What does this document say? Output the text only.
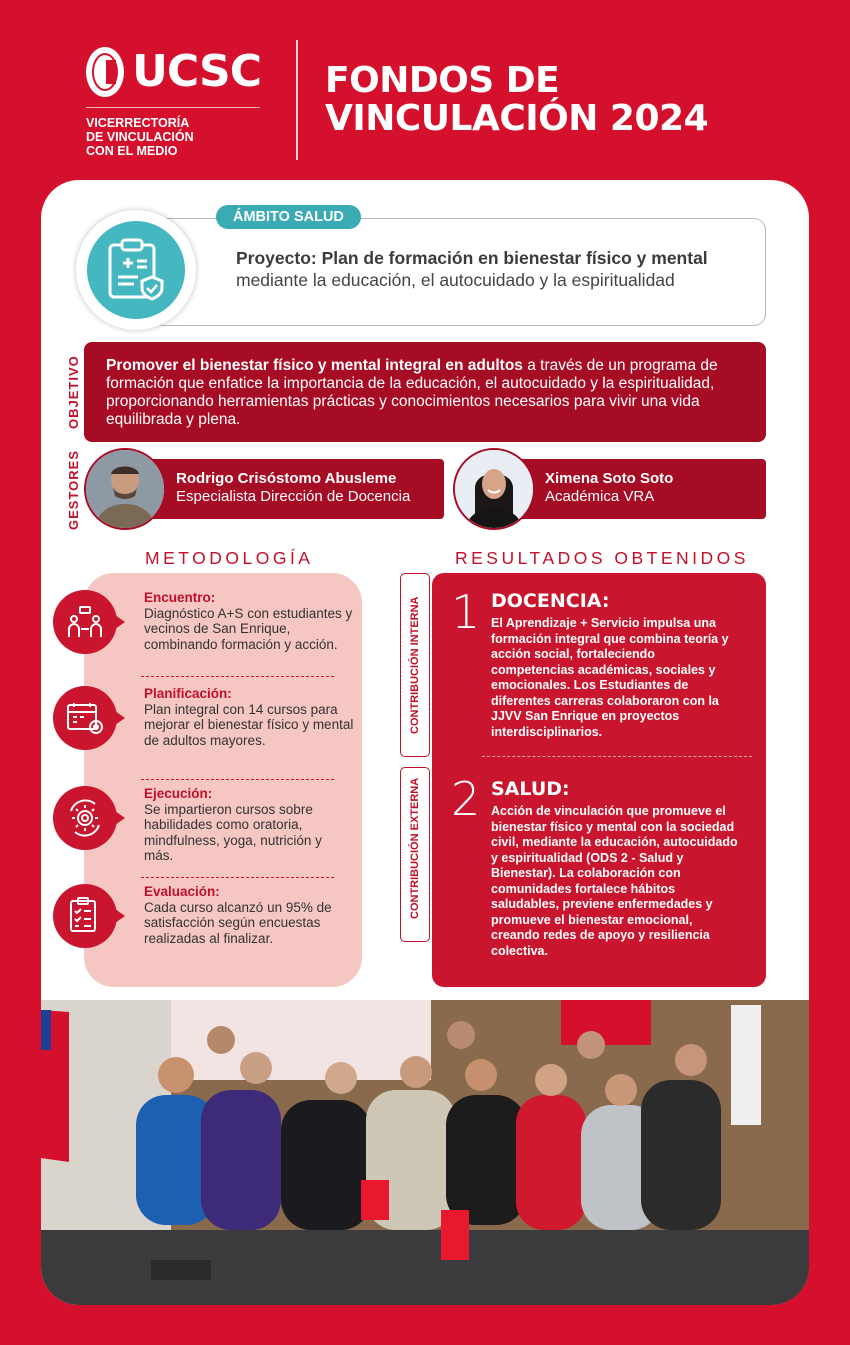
UCSC
VICERRECTORÍA
DE VINCULACIÓN
CON EL MEDIO
FONDOS DE
VINCULACIÓN 2024

Proyecto: Plan de formación en bienestar físico y mental mediante la educación, el autocuidado y la espiritualidad

ÁMBITO SALUD
OBJETIVO	Promover el bienestar físico y mental integral en adultos a través de un programa de formación que enfatice la importancia de la educación, el autocuidado y la espiritualidad, proporcionando herramientas prácticas y conocimientos necesarios para vivir una vida equilibrada y plena.
GESTORES	Rodrigo Crisóstomo Abusleme
Especialista Dirección de Docencia
Ximena Soto Soto
Académica VRA
METODOLOGÍA
Encuentro:
Diagnóstico A+S con estudiantes y vecinos de San Enrique, combinando formación y acción.
Planificación:
Plan integral con 14 cursos para mejorar el bienestar físico y mental de adultos mayores.
Ejecución:
Se impartieron cursos sobre habilidades como oratoria, mindfulness, yoga, nutrición y más.
Evaluación:
Cada curso alcanzó un 95% de satisfacción según encuestas realizadas al finalizar.
RESULTADOS OBTENIDOS
CONTRIBUCIÓN INTERNA 1 DOCENCIA:
El Aprendizaje + Servicio impulsa una formación integral que combina teoría y acción social, fortaleciendo competencias académicas, sociales y emocionales. Los Estudiantes de diferentes carreras colaboraron con la JJVV San Enrique en proyectos interdisciplinarios.
CONTRIBUCIÓN EXTERNA 2 SALUD:
Acción de vinculación que promueve el bienestar físico y mental con la sociedad civil, mediante la educación, autocuidado y espiritualidad (ODS 2 - Salud y Bienestar). La colaboración con comunidades fortalece hábitos saludables, previene enfermedades y promueve el bienestar emocional, creando redes de apoyo y resiliencia colectiva.
